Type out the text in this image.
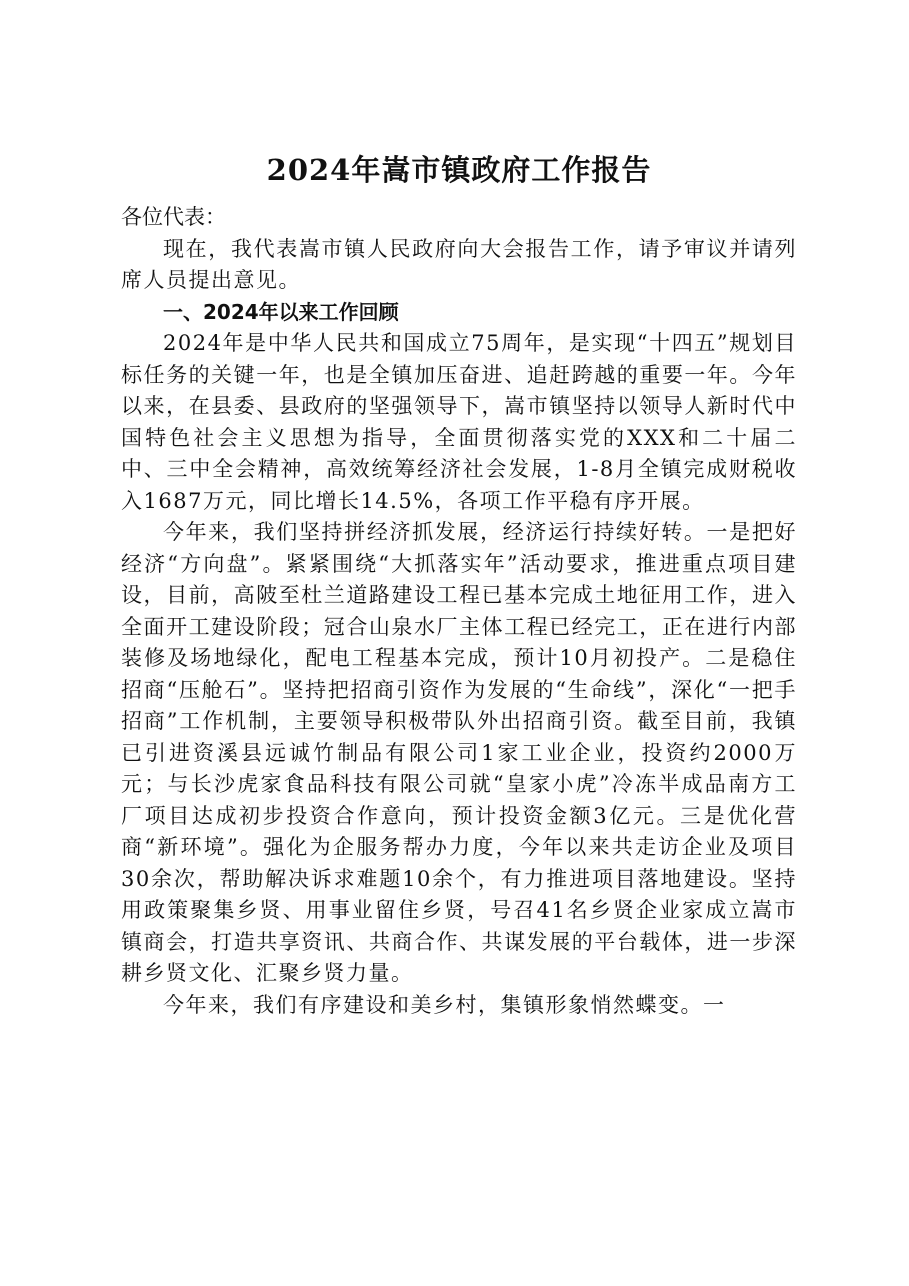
2024年嵩市镇政府工作报告

各位代表：

现在，我代表嵩市镇人民政府向大会报告工作，请予审议并请列席人员提出意见。

一、2024年以来工作回顾

2024年是中华人民共和国成立75周年，是实现“十四五”规划目标任务的关键一年，也是全镇加压奋进、追赶跨越的重要一年。今年以来，在县委、县政府的坚强领导下，嵩市镇坚持以领导人新时代中国特色社会主义思想为指导，全面贯彻落实党的XXX和二十届二中、三中全会精神，高效统筹经济社会发展，1-8月全镇完成财税收入1687万元，同比增长14.5%，各项工作平稳有序开展。

今年来，我们坚持拼经济抓发展，经济运行持续好转。一是把好经济“方向盘”。紧紧围绕“大抓落实年”活动要求，推进重点项目建设，目前，高陂至杜兰道路建设工程已基本完成土地征用工作，进入全面开工建设阶段；冠合山泉水厂主体工程已经完工，正在进行内部装修及场地绿化，配电工程基本完成，预计10月初投产。二是稳住招商“压舱石”。坚持把招商引资作为发展的“生命线”，深化“一把手招商”工作机制，主要领导积极带队外出招商引资。截至目前，我镇已引进资溪县远诚竹制品有限公司1家工业企业，投资约2000万元；与长沙虎家食品科技有限公司就“皇家小虎”冷冻半成品南方工厂项目达成初步投资合作意向，预计投资金额3亿元。三是优化营商“新环境”。强化为企服务帮办力度，今年以来共走访企业及项目30余次，帮助解决诉求难题10余个，有力推进项目落地建设。坚持用政策聚集乡贤、用事业留住乡贤，号召41名乡贤企业家成立嵩市镇商会，打造共享资讯、共商合作、共谋发展的平台载体，进一步深耕乡贤文化、汇聚乡贤力量。

今年来，我们有序建设和美乡村，集镇形象悄然蝶变。一
